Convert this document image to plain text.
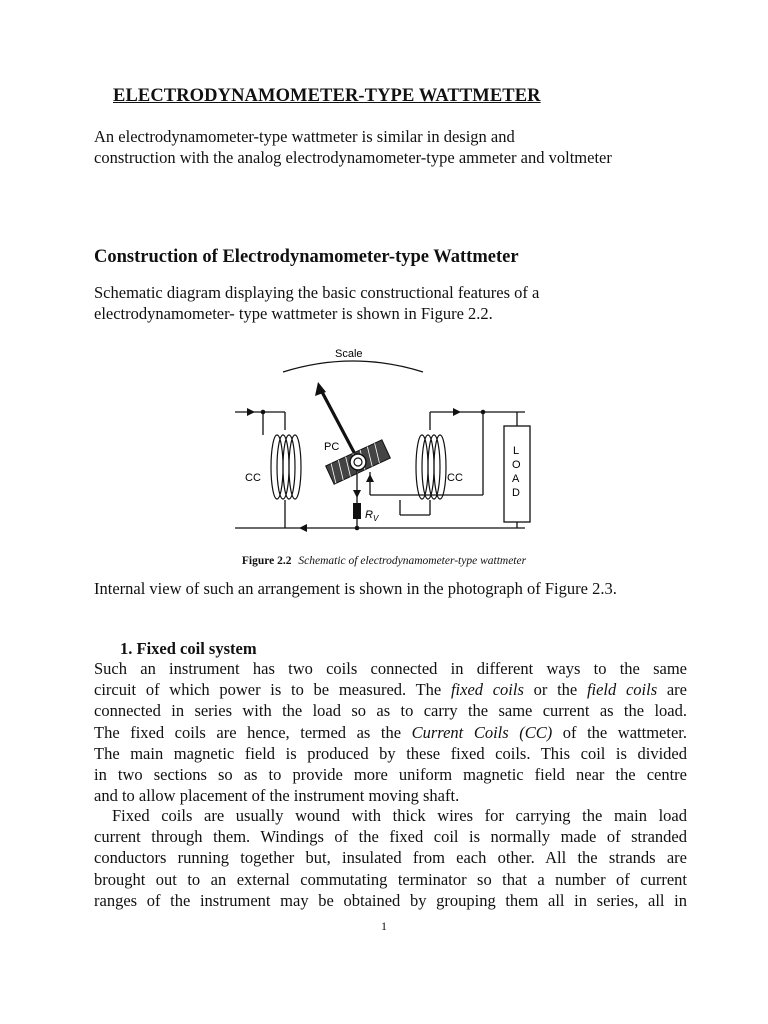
ELECTRODYNAMOMETER-TYPE WATTMETER
An electrodynamometer-type wattmeter is similar in design and
construction with the analog electrodynamometer-type ammeter and voltmeter
Construction of Electrodynamometer-type Wattmeter
Schematic diagram displaying the basic constructional features of a
electrodynamometer- type wattmeter is shown in Figure 2.2.
Scale
CC
PC
$R_V$
CC
L
O
A
D
Figure 2.2 Schematic of electrodynamometer-type wattmeter
Internal view of such an arrangement is shown in the photograph of Figure 2.3.
1. Fixed coil system
Such an instrument has two coils connected in different ways to the same
circuit of which power is to be measured. The fixed coils or the field coils are
connected in series with the load so as to carry the same current as the load.
The fixed coils are hence, termed as the Current Coils (CC) of the wattmeter.
The main magnetic field is produced by these fixed coils. This coil is divided
in two sections so as to provide more uniform magnetic field near the centre
and to allow placement of the instrument moving shaft.
Fixed coils are usually wound with thick wires for carrying the main load
current through them. Windings of the fixed coil is normally made of stranded
conductors running together but, insulated from each other. All the strands are
brought out to an external commutating terminator so that a number of current
ranges of the instrument may be obtained by grouping them all in series, all in
1
